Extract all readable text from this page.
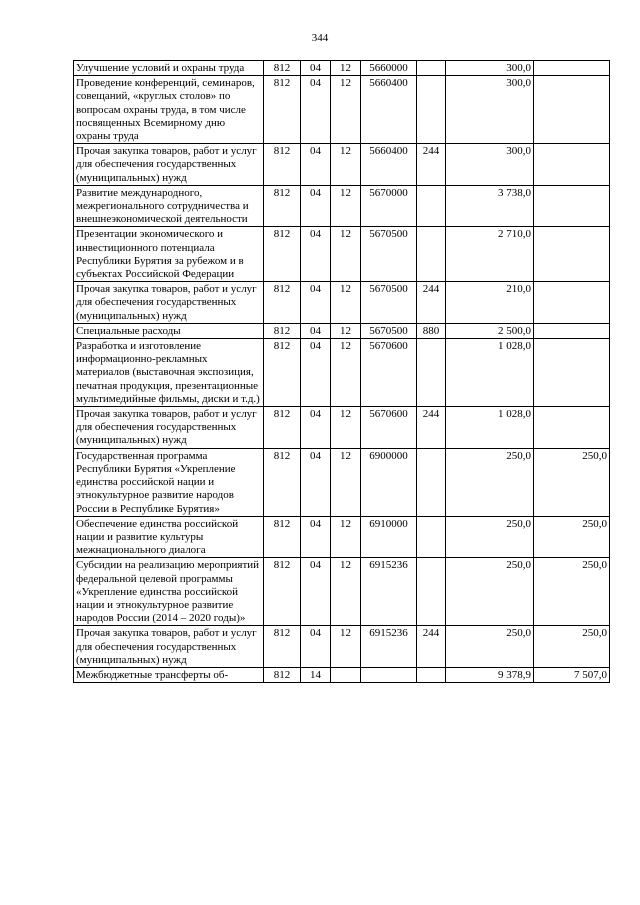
344
Улучшение условий и охраны труда	812	04	12	5660000		300,0	
Проведение конференций, семинаров, совещаний, «круглых столов» по вопросам охраны труда, в том числе посвященных Всемирному дню охраны труда	812	04	12	5660400		300,0	
Прочая закупка товаров, работ и услуг для обеспечения государственных (муниципальных) нужд	812	04	12	5660400	244	300,0	
Развитие международного, межрегионального сотрудничества и внешнеэкономической деятельности	812	04	12	5670000		3 738,0	
Презентации экономического и инвестиционного потенциала Республики Бурятия за рубежом и в субъектах Российской Федерации	812	04	12	5670500		2 710,0	
Прочая закупка товаров, работ и услуг для обеспечения государственных (муниципальных) нужд	812	04	12	5670500	244	210,0	
Специальные расходы	812	04	12	5670500	880	2 500,0	
Разработка и изготовление информационно-рекламных материалов (выставочная экспозиция, печатная продукция, презентационные мультимедийные фильмы, диски и т.д.)	812	04	12	5670600		1 028,0	
Прочая закупка товаров, работ и услуг для обеспечения государственных (муниципальных) нужд	812	04	12	5670600	244	1 028,0	
Государственная программа Республики Бурятия «Укрепление единства российской нации и этнокультурное развитие народов России в Республике Бурятия»	812	04	12	6900000		250,0	250,0
Обеспечение единства российской нации и развитие культуры межнационального диалога	812	04	12	6910000		250,0	250,0
Субсидии на реализацию мероприятий федеральной целевой программы «Укрепление единства российской нации и этнокультурное развитие народов России (2014 – 2020 годы)»	812	04	12	6915236		250,0	250,0
Прочая закупка товаров, работ и услуг для обеспечения государственных (муниципальных) нужд	812	04	12	6915236	244	250,0	250,0
Межбюджетные трансферты об-	812	14				9 378,9	7 507,0
